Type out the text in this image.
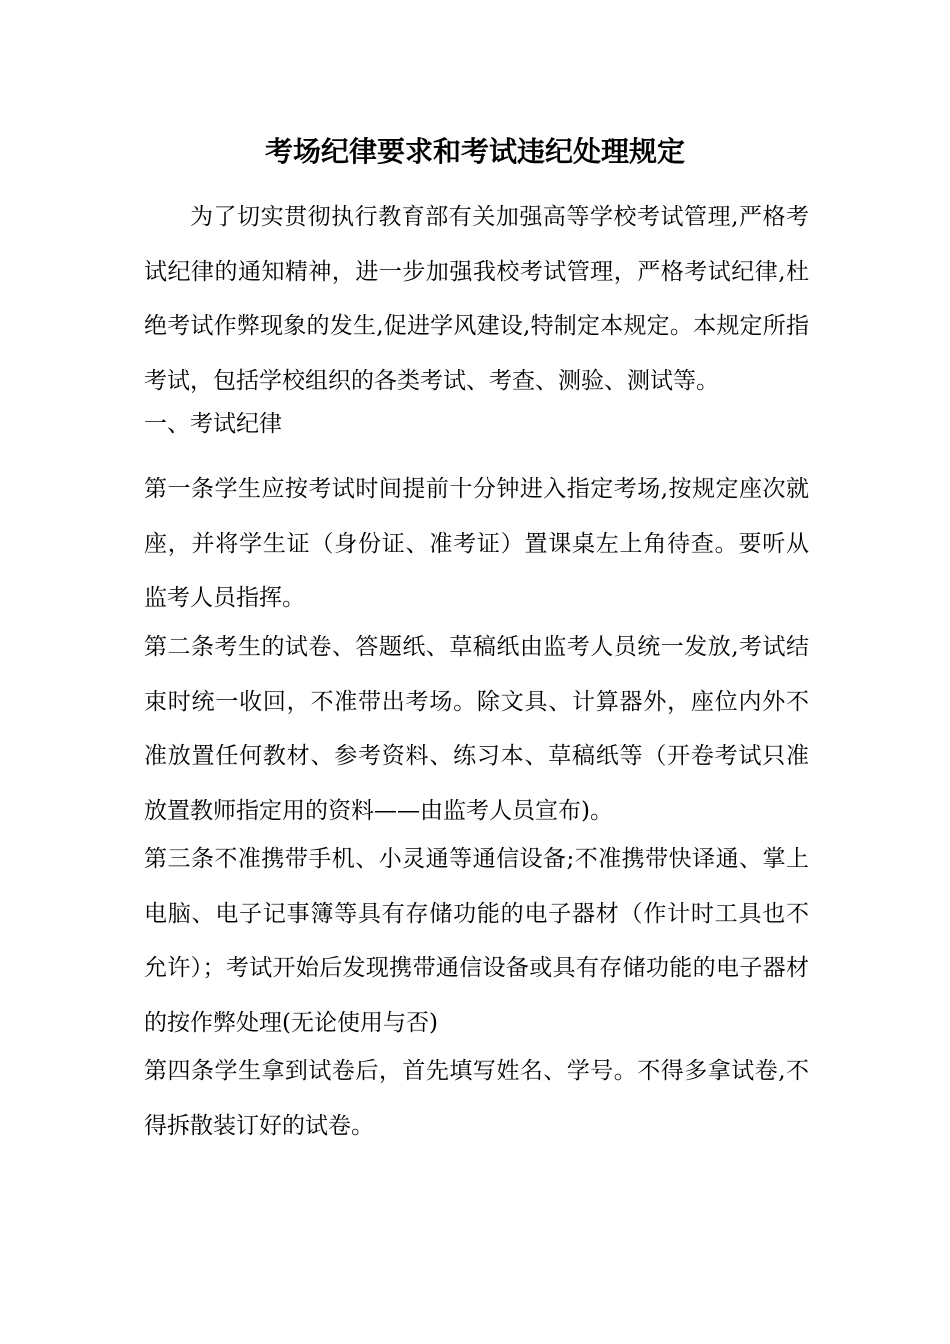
考场纪律要求和考试违纪处理规定

为了切实贯彻执行教育部有关加强高等学校考试管理,严格考试纪律的通知精神，进一步加强我校考试管理，严格考试纪律,杜绝考试作弊现象的发生,促进学风建设,特制定本规定。本规定所指考试，包括学校组织的各类考试、考查、测验、测试等。

一、考试纪律

第一条学生应按考试时间提前十分钟进入指定考场,按规定座次就座，并将学生证（身份证、准考证）置课桌左上角待查。要听从监考人员指挥。

第二条考生的试卷、答题纸、草稿纸由监考人员统一发放,考试结束时统一收回，不准带出考场。除文具、计算器外，座位内外不准放置任何教材、参考资料、练习本、草稿纸等（开卷考试只准放置教师指定用的资料——由监考人员宣布)。

第三条不准携带手机、小灵通等通信设备;不准携带快译通、掌上电脑、电子记事簿等具有存储功能的电子器材（作计时工具也不允许）；考试开始后发现携带通信设备或具有存储功能的电子器材的按作弊处理(无论使用与否)

第四条学生拿到试卷后，首先填写姓名、学号。不得多拿试卷,不得拆散装订好的试卷。
